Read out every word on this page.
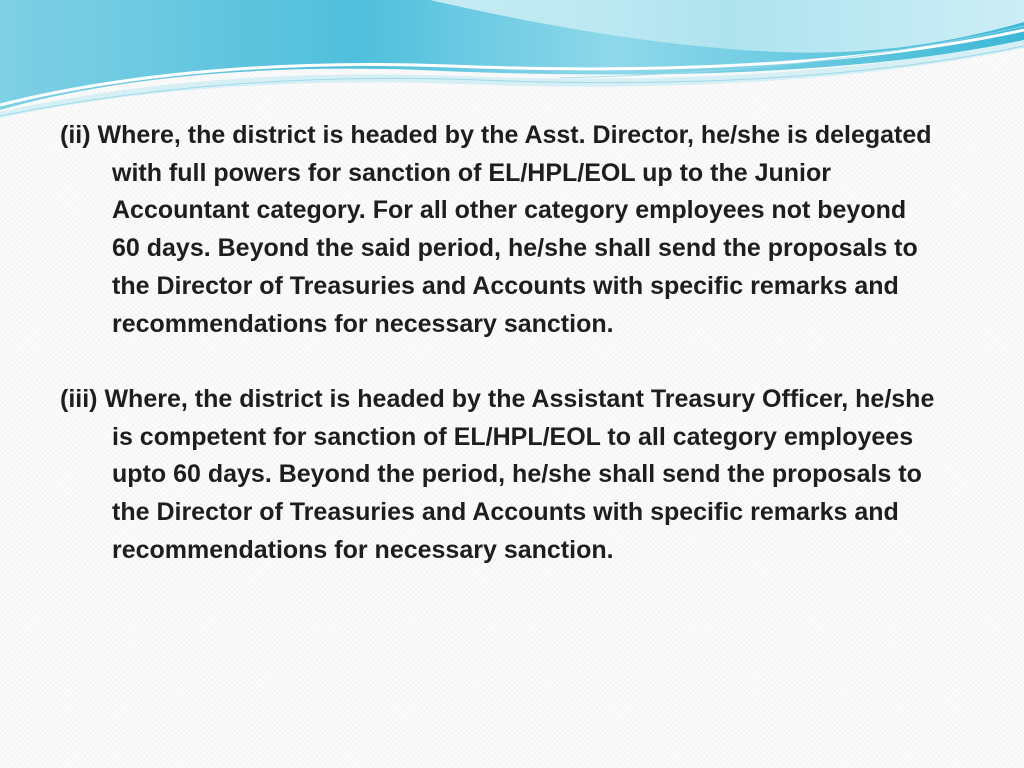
(ii) Where, the district is headed by the Asst. Director, he/she is delegated with full powers for sanction of EL/HPL/EOL up to the Junior Accountant category. For all other category employees not beyond 60 days. Beyond the said period, he/she shall send the proposals to the Director of Treasuries and Accounts with specific remarks and recommendations for necessary sanction.

(iii) Where, the district is headed by the Assistant Treasury Officer, he/she is competent for sanction of EL/HPL/EOL to all category employees upto 60 days. Beyond the period, he/she shall send the proposals to the Director of Treasuries and Accounts with specific remarks and recommendations for necessary sanction.
